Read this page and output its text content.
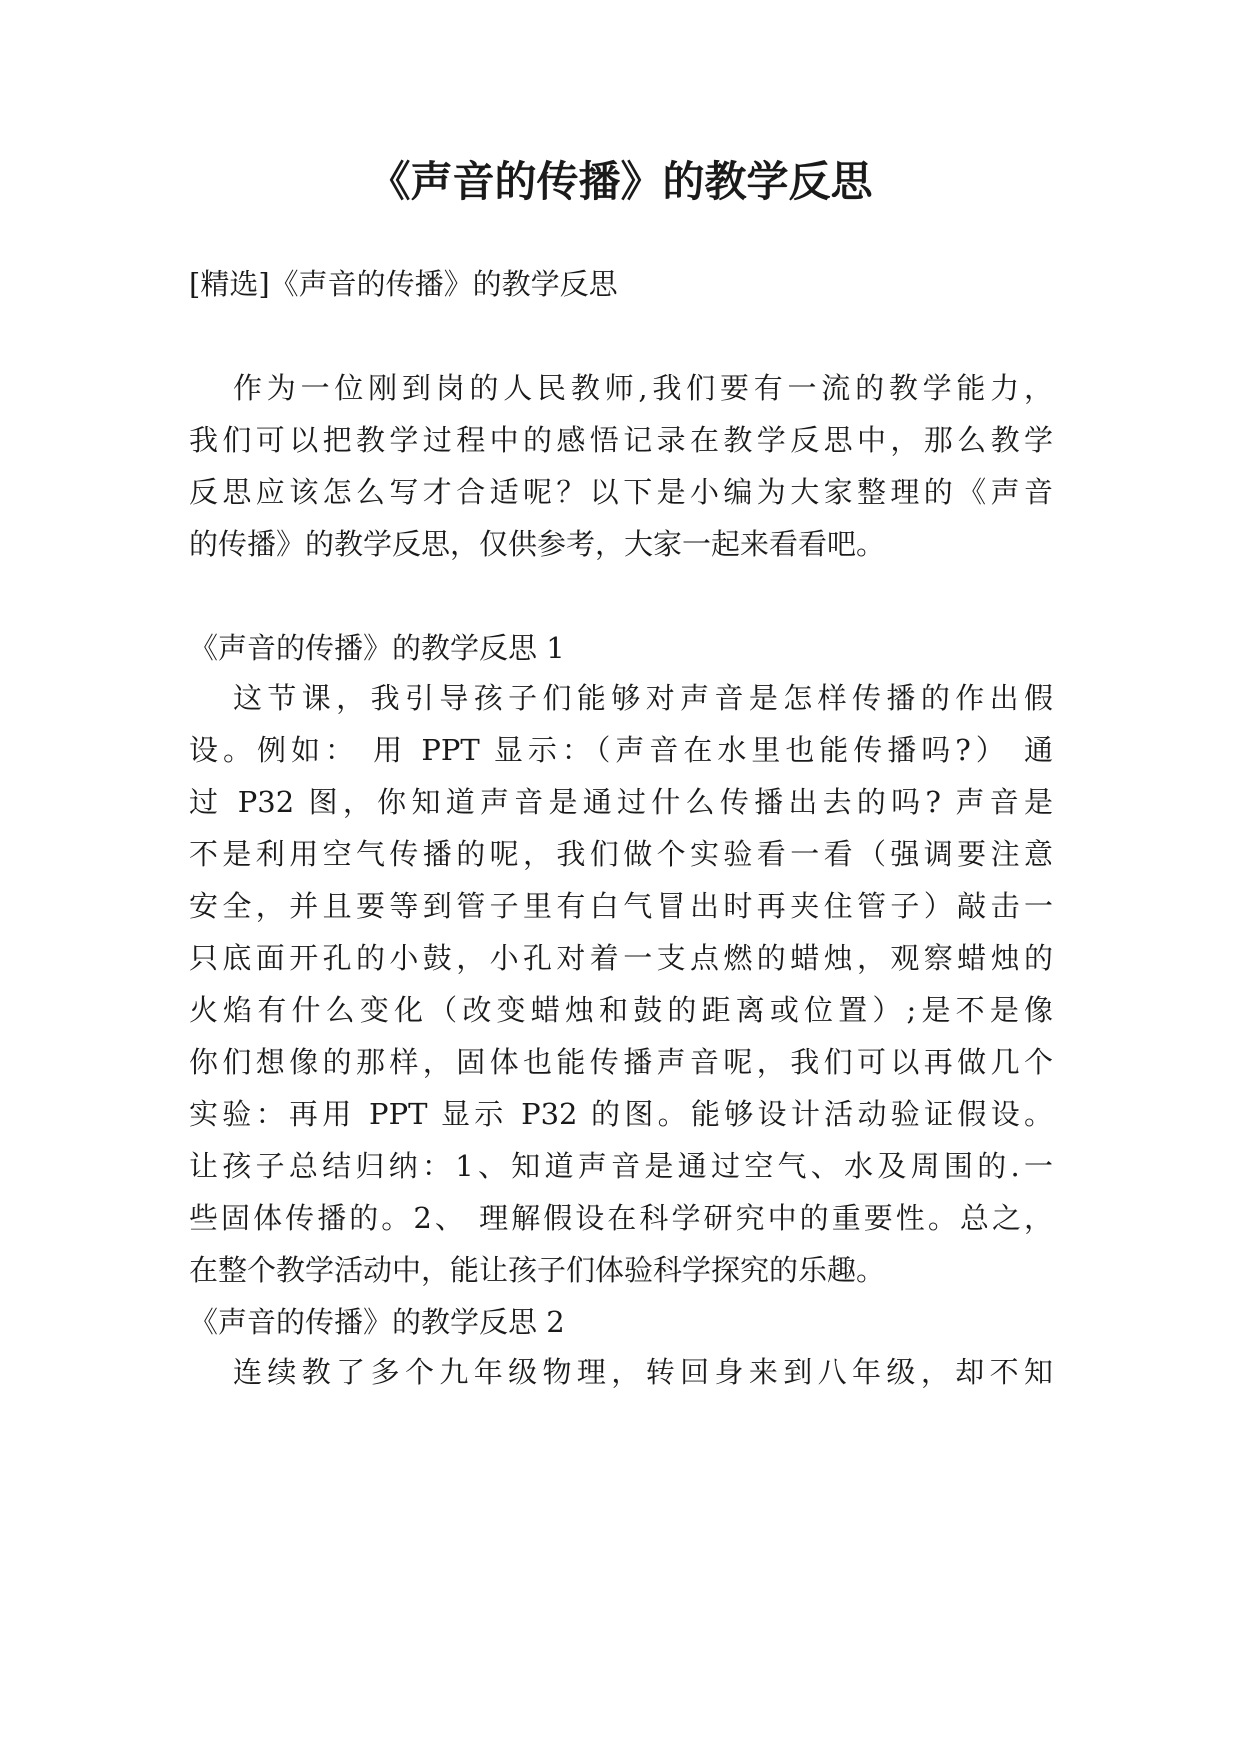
《声音的传播》的教学反思

[精选]《声音的传播》的教学反思

作为一位刚到岗的人民教师,我们要有一流的教学能力，

我们可以把教学过程中的感悟记录在教学反思中，那么教学

反思应该怎么写才合适呢？以下是小编为大家整理的《声音

的传播》的教学反思，仅供参考，大家一起来看看吧。

《声音的传播》的教学反思 1

这节课，我引导孩子们能够对声音是怎样传播的作出假

设。例如： 用 PPT 显示：（声音在水里也能传播吗?） 通

过 P32 图，你知道声音是通过什么传播出去的吗? 声音是

不是利用空气传播的呢，我们做个实验看一看（强调要注意

安全，并且要等到管子里有白气冒出时再夹住管子）敲击一

只底面开孔的小鼓，小孔对着一支点燃的蜡烛，观察蜡烛的

火焰有什么变化（改变蜡烛和鼓的距离或位置）;是不是像

你们想像的那样，固体也能传播声音呢，我们可以再做几个

实验：再用 PPT 显示 P32 的图。能够设计活动验证假设。

让孩子总结归纳：1、知道声音是通过空气、水及周围的.一

些固体传播的。2、 理解假设在科学研究中的重要性。总之，

在整个教学活动中，能让孩子们体验科学探究的乐趣。

《声音的传播》的教学反思 2

连续教了多个九年级物理，转回身来到八年级，却不知
